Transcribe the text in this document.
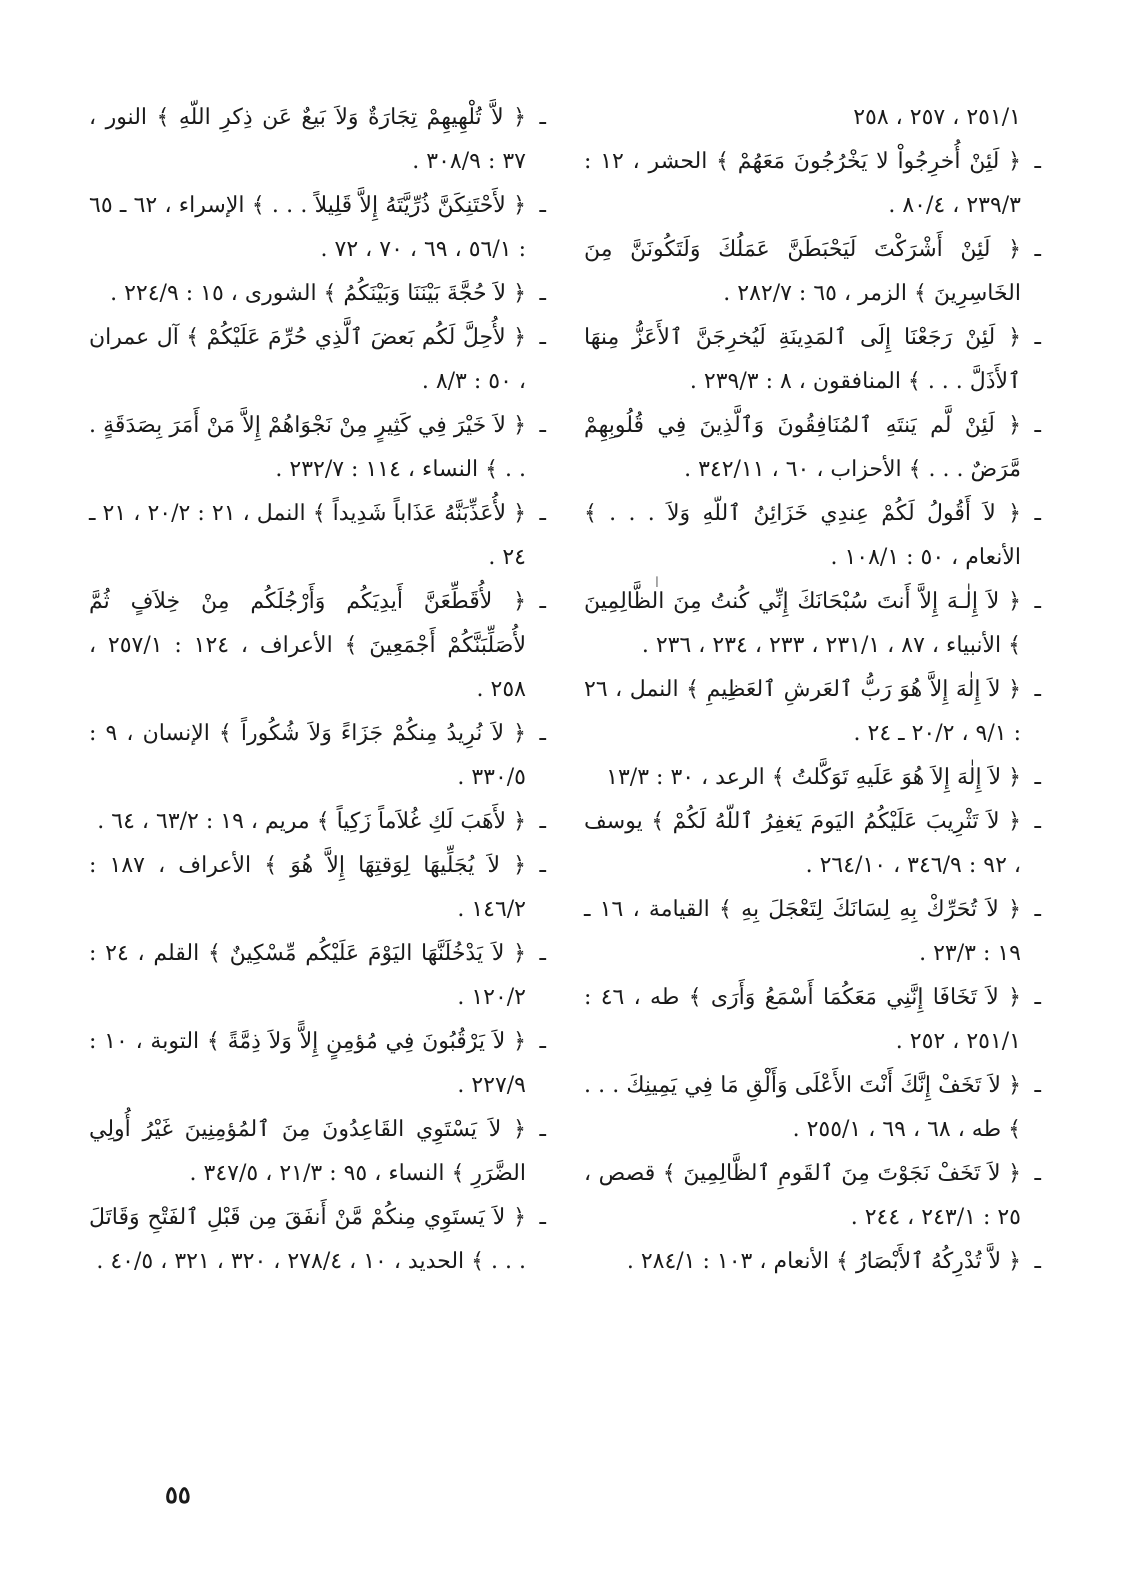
٢٥١/١ ، ٢٥٧ ، ٢٥٨
ـ
﴿ لَئِنْ أُخرِجُواْ لا يَخْرُجُونَ مَعَهُمْ ﴾ الحشر ، ١٢ : ٢٣٩/٣ ، ٨٠/٤ .
ـ
﴿ لَئِنْ أَشْرَكْتَ لَيَحْبَطَنَّ عَمَلُكَ وَلَتَكُونَنَّ مِنَ الخَاسِرِينَ ﴾ الزمر ، ٦٥ : ٢٨٢/٧ .
ـ
﴿ لَئِنْ رَجَعْنَا إِلَى ٱلمَدِينَةِ لَيُخرِجَنَّ ٱلأَعَزُّ مِنهَا ٱلأَذَلَّ . . . ﴾ المنافقون ، ٨ : ٢٣٩/٣ .
ـ
﴿ لَئِنْ لَّم يَنتَهِ ٱلمُنَافِقُونَ وَٱلَّذِينَ فِي قُلُوبِهِمْ مَّرَضٌ . . . ﴾ الأحزاب ، ٦٠ ، ٣٤٢/١١ .
ـ
﴿ لاَ أَقُولُ لَكُمْ عِندِي خَزَائِنُ ٱللّهِ وَلاَ . . . ﴾ الأنعام ، ٥٠ : ١٠٨/١ .
ـ
﴿ لاَ إِلٰـهَ إِلاَّ أَنتَ سُبْحَانَكَ إِنِّي كُنتُ مِنَ الظَّالِمِينَ ﴾ الأنبياء ، ٨٧ ، ٢٣١/١ ، ٢٣٣ ، ٢٣٤ ، ٢٣٦ .
ـ
﴿ لاَ إِلٰهَ إِلاَّ هُوَ رَبُّ ٱلعَرشِ ٱلعَظِيمِ ﴾ النمل ، ٢٦ : ٩/١ ، ٢٠/٢ ـ ٢٤ .
ـ
﴿ لاَ إِلٰهَ إِلاَ هُوَ عَلَيهِ تَوَكَّلتُ ﴾ الرعد ، ٣٠ : ١٣/٣
ـ
﴿ لاَ تَثْرِيبَ عَلَيْكُمُ اليَومَ يَغفِرُ ٱللّهُ لَكُمْ ﴾ يوسف ، ٩٢ : ٣٤٦/٩ ، ٢٦٤/١٠ .
ـ
﴿ لاَ تُحَرِّكْ بِهِ لِسَانَكَ لِتَعْجَلَ بِهِ ﴾ القيامة ، ١٦ ـ ١٩ : ٢٣/٣ .
ـ
﴿ لاَ تَخَافَا إِنَّنِي مَعَكُمَا أَسْمَعُ وَأَرَى ﴾ طه ، ٤٦ : ٢٥١/١ ، ٢٥٢ .
ـ
﴿ لاَ تَخَفْ إِنَّكَ أَنْتَ الأَعْلَى وَأَلْقِ مَا فِي يَمِينِكَ . . . ﴾ طه ، ٦٨ ، ٦٩ ، ٢٥٥/١ .
ـ
﴿ لاَ تَخَفْ نَجَوْتَ مِنَ ٱلقَومِ ٱلظَّالِمِينَ ﴾ قصص ، ٢٥ : ٢٤٣/١ ، ٢٤٤ .
ـ
﴿ لاَّ تُدْرِكُهُ ٱلأَبْصَارُ ﴾ الأنعام ، ١٠٣ : ٢٨٤/١ .
ـ
﴿ لاَّ تُلْهِيهِمْ تِجَارَةٌ وَلاَ بَيعٌ عَن ذِكرِ اللّهِ ﴾ النور ، ٣٧ : ٣٠٨/٩ .
ـ
﴿ لأَحْتَنِكَنَّ ذُرِّيَّتَهُ إِلاَّ قَلِيلاً . . . ﴾ الإسراء ، ٦٢ ـ ٦٥ : ٥٦/١ ، ٦٩ ، ٧٠ ، ٧٢ .
ـ
﴿ لاَ حُجَّةَ بَيْنَنَا وَبَيْنَكُمُ ﴾ الشورى ، ١٥ : ٢٢٤/٩ .
ـ
﴿ لأُحِلَّ لَكُم بَعضَ ٱلَّذِي حُرِّمَ عَلَيْكُمْ ﴾ آل عمران ، ٥٠ : ٨/٣ .
ـ
﴿ لاَ خَيْرَ فِي كَثِيرٍ مِنْ نَجْوَاهُمْ إِلاَّ مَنْ أَمَرَ بِصَدَقَةٍ . . . ﴾ النساء ، ١١٤ : ٢٣٢/٧ .
ـ
﴿ لأُعَذِّبَنَّهُ عَذَاباً شَدِيداً ﴾ النمل ، ٢١ : ٢٠/٢ ، ٢١ ـ ٢٤ .
ـ
﴿ لأُقَطِّعَنَّ أَيدِيَكُم وَأَرْجُلَكُم مِنْ خِلاَفٍ ثُمَّ لأُصَلِّبَنَّكُمْ أَجْمَعِينَ ﴾ الأعراف ، ١٢٤ : ٢٥٧/١ ، ٢٥٨ .
ـ
﴿ لاَ نُرِيدُ مِنكُمْ جَزَاءً وَلاَ شُكُوراً ﴾ الإنسان ، ٩ : ٣٣٠/٥ .
ـ
﴿ لأَهَبَ لَكِ غُلاَماً زَكِياً ﴾ مريم ، ١٩ : ٦٣/٢ ، ٦٤ .
ـ
﴿ لاَ يُجَلِّيهَا لِوَقتِهَا إِلاَّ هُوَ ﴾ الأعراف ، ١٨٧ : ١٤٦/٢ .
ـ
﴿ لاَ يَدْخُلَنَّهَا اليَوْمَ عَلَيْكُم مِّسْكِينٌ ﴾ القلم ، ٢٤ : ١٢٠/٢ .
ـ
﴿ لاَ يَرْقُبُونَ فِي مُؤمِنٍ إِلاًّ وَلاَ ذِمَّةً ﴾ التوبة ، ١٠ : ٢٢٧/٩ .
ـ
﴿ لاَ يَسْتَوِي القَاعِدُونَ مِنَ ٱلمُؤمِنِينَ غَيْرُ أُولِي الضَّرَرِ ﴾ النساء ، ٩٥ : ٢١/٣ ، ٣٤٧/٥ .
ـ
﴿ لاَ يَستَوِي مِنكُمْ مَّنْ أَنفَقَ مِن قَبْلِ ٱلفَتْحِ وَقَاتَلَ . . . ﴾ الحديد ، ١٠ ، ٢٧٨/٤ ، ٣٢٠ ، ٣٢١ ، ٤٠/٥ .
٥٥
ا
